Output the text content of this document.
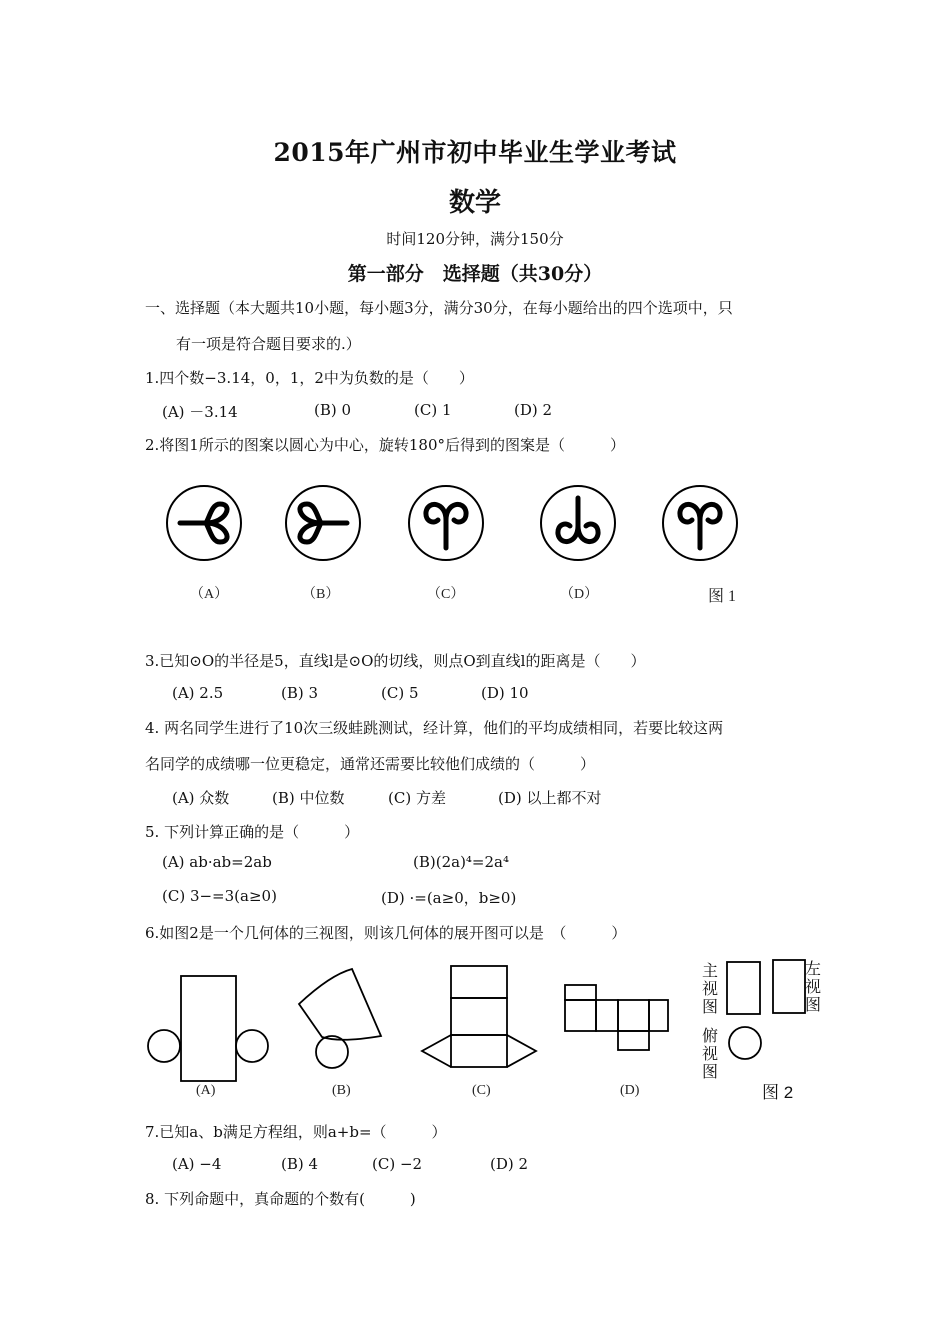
2015年广州市初中毕业生学业考试
数学
时间120分钟，满分150分
第一部分　选择题（共30分）
一、选择题（本大题共10小题，每小题3分，满分30分，在每小题给出的四个选项中，只
有一项是符合题目要求的.）
1.四个数−3.14，0，1，2中为负数的是（　　）
(A) －3.14	(B) 0	(C) 1	(D) 2
2.将图1所示的图案以圆心为中心，旋转180°后得到的图案是（　　　）
（A）	（B）	（C）	（D）	图 1
3.已知⊙O的半径是5，直线l是⊙O的切线，则点O到直线l的距离是（　　）
(A) 2.5	(B) 3	(C) 5	(D) 10
4. 两名同学生进行了10次三级蛙跳测试，经计算，他们的平均成绩相同，若要比较这两
名同学的成绩哪一位更稳定，通常还需要比较他们成绩的（　　　）
(A) 众数	(B) 中位数	(C) 方差	(D) 以上都不对
5. 下列计算正确的是（　　　）
(A) ab·ab=2ab	(B)(2a)⁴=2a⁴
(C) 3−=3(a≥0)	(D) ·=(a≥0，b≥0)
6.如图2是一个几何体的三视图，则该几何体的展开图可以是　（　　　）
(A)	(B)	(C)	(D)	图 2
主视图
左视图
俯视图
7.已知a、b满足方程组，则a+b=（　　　）
(A) −4	(B) 4	(C) −2	(D) 2
8. 下列命题中，真命题的个数有(　　　)
